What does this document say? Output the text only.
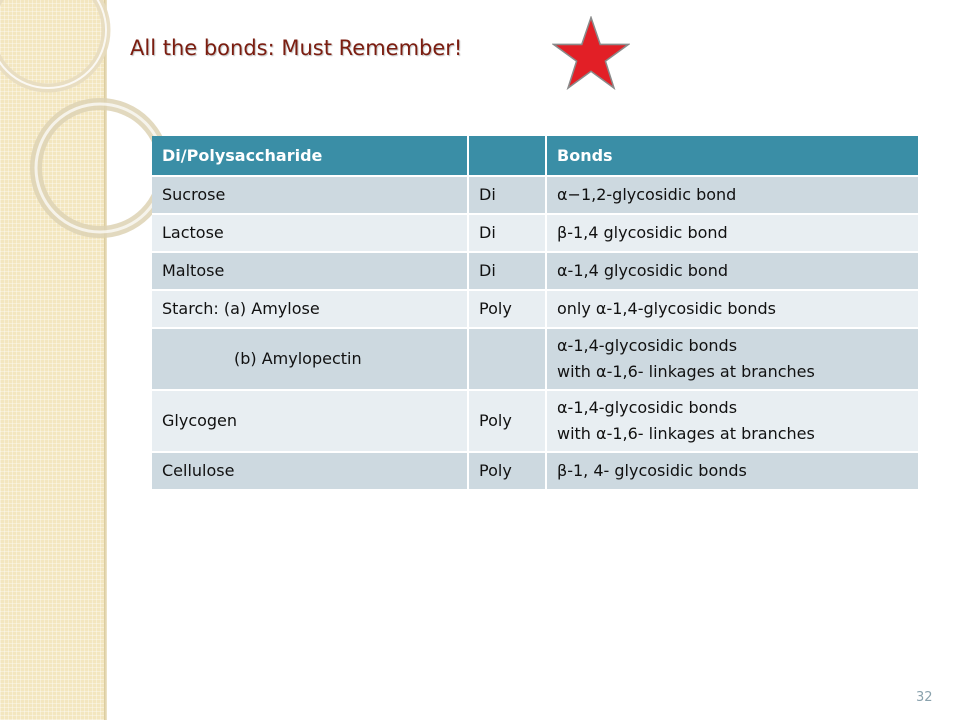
All the bonds: Must Remember!
Di/Polysaccharide		Bonds
Sucrose	Di	α−1,2-glycosidic bond
Lactose	Di	β-1,4 glycosidic bond
Maltose	Di	α-1,4 glycosidic bond
Starch: (a) Amylose	Poly	only α-1,4-glycosidic bonds
(b) Amylopectin		α-1,4-glycosidic bonds
with α-1,6- linkages at branches

Glycogen	Poly	α-1,4-glycosidic bonds
with α-1,6- linkages at branches

Cellulose	Poly	β-1, 4- glycosidic bonds
32
